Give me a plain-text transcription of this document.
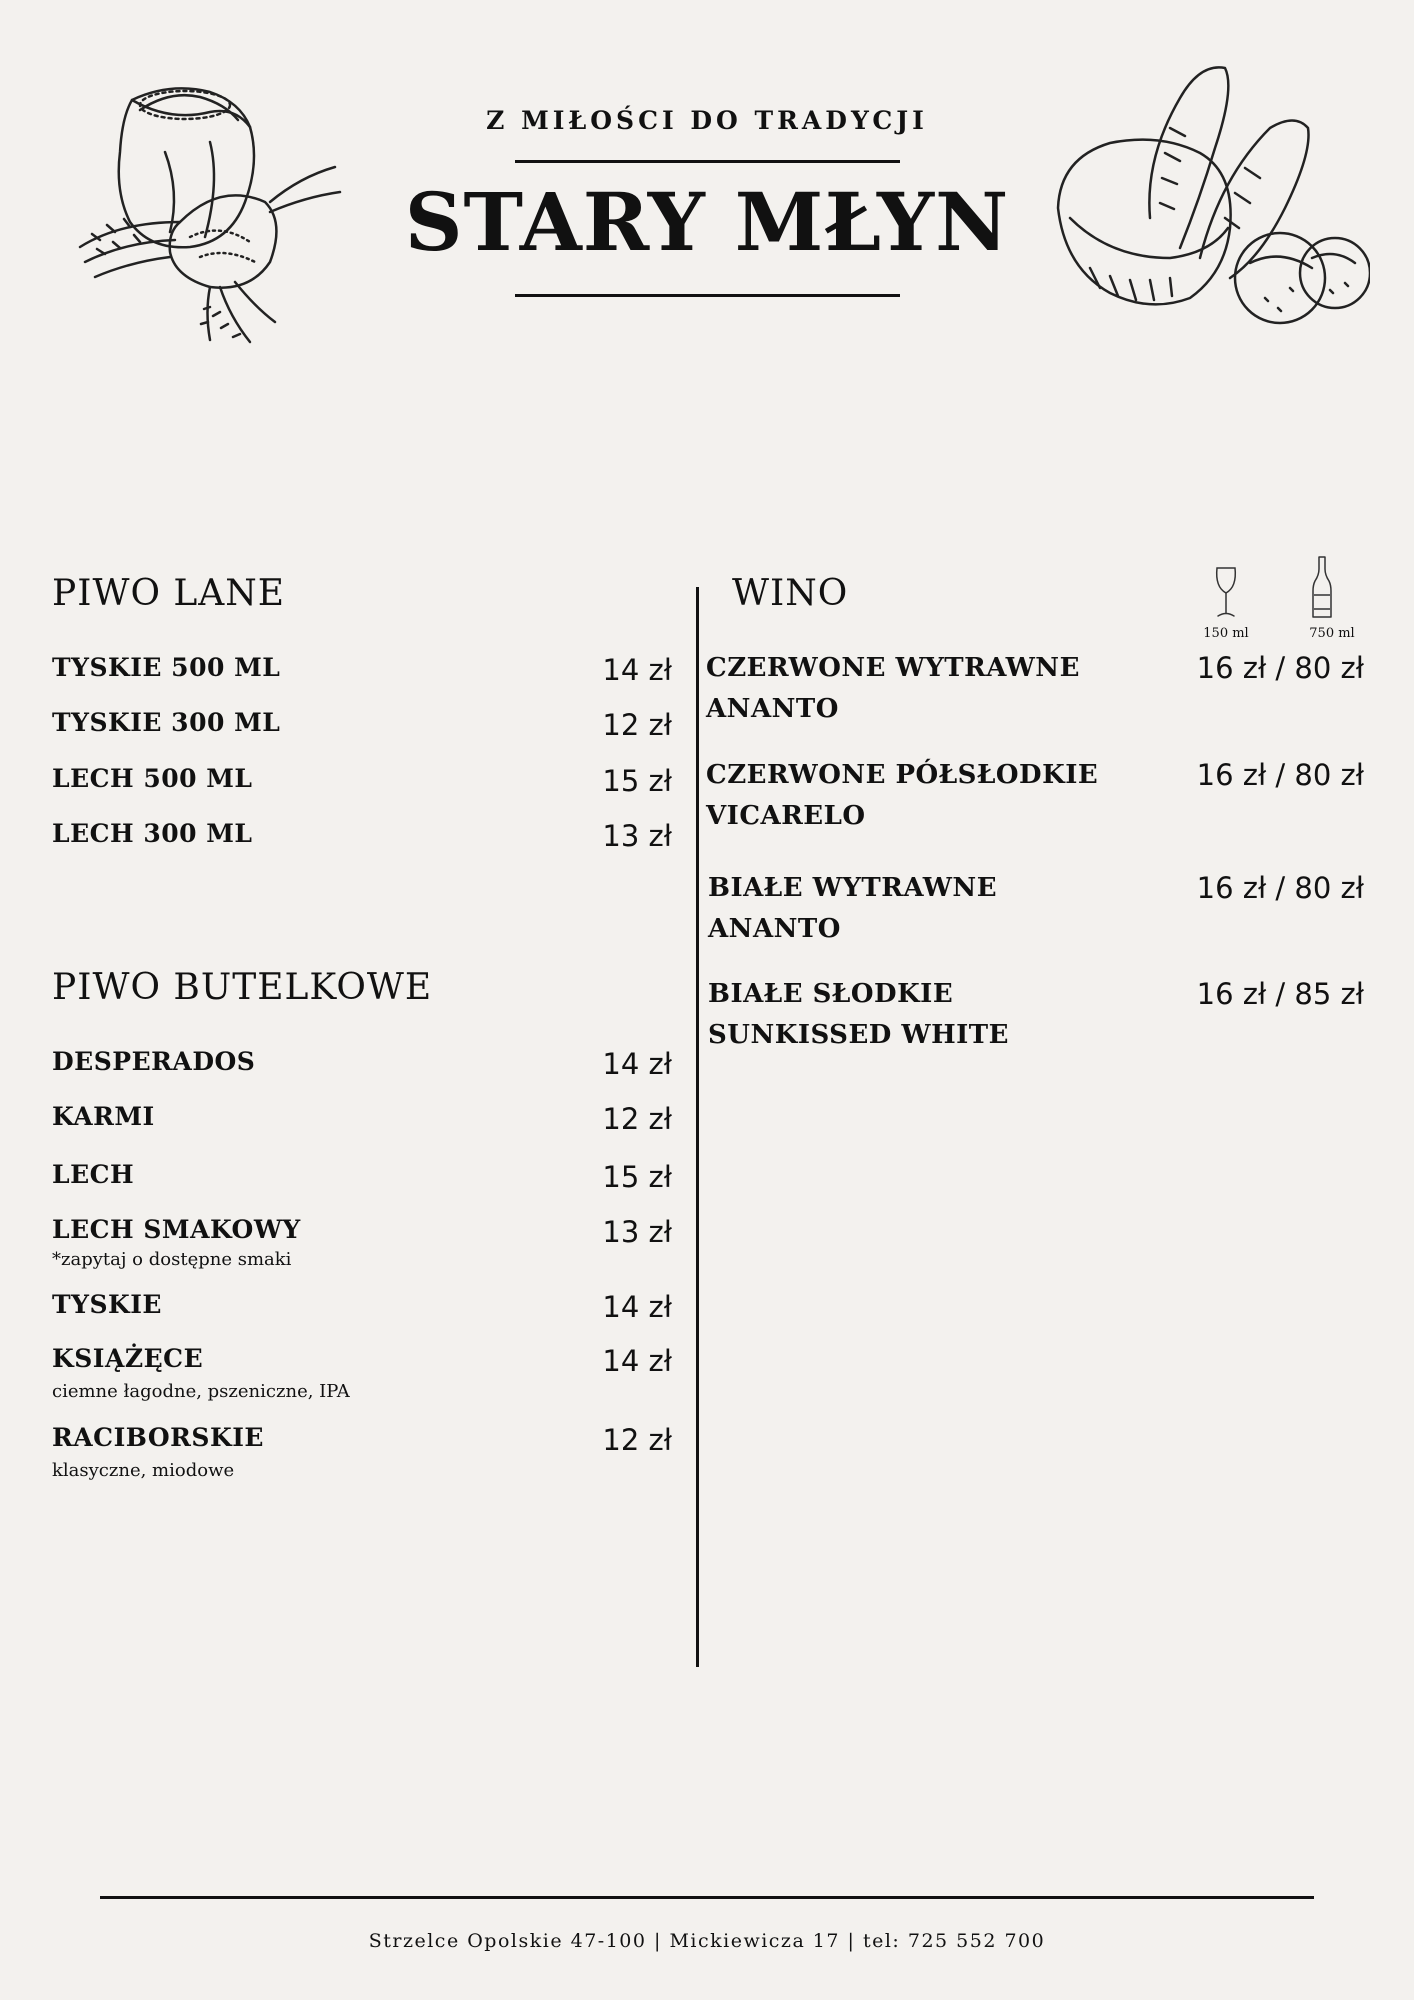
Z MIŁOŚCI DO TRADYCJI
STARY MŁYN
PIWO LANE
TYSKIE 500 ML	14 zł
TYSKIE 300 ML	12 zł
LECH 500 ML	15 zł
LECH 300 ML	13 zł
PIWO BUTELKOWE
DESPERADOS	14 zł
KARMI	12 zł
LECH	15 zł
LECH SMAKOWY	13 zł
*zapytaj o dostępne smaki
TYSKIE	14 zł
KSIĄŻĘCE	14 zł
ciemne łagodne, pszeniczne, IPA
RACIBORSKIE	12 zł
klasyczne, miodowe
WINO
150 ml	750 ml
CZERWONE WYTRAWNE
ANANTO
16 zł / 80 zł
CZERWONE PÓŁSŁODKIE
VICARELO
16 zł / 80 zł
BIAŁE WYTRAWNE
ANANTO
16 zł / 80 zł
BIAŁE SŁODKIE
SUNKISSED WHITE
16 zł / 85 zł
Strzelce Opolskie 47-100 | Mickiewicza 17 | tel: 725 552 700
